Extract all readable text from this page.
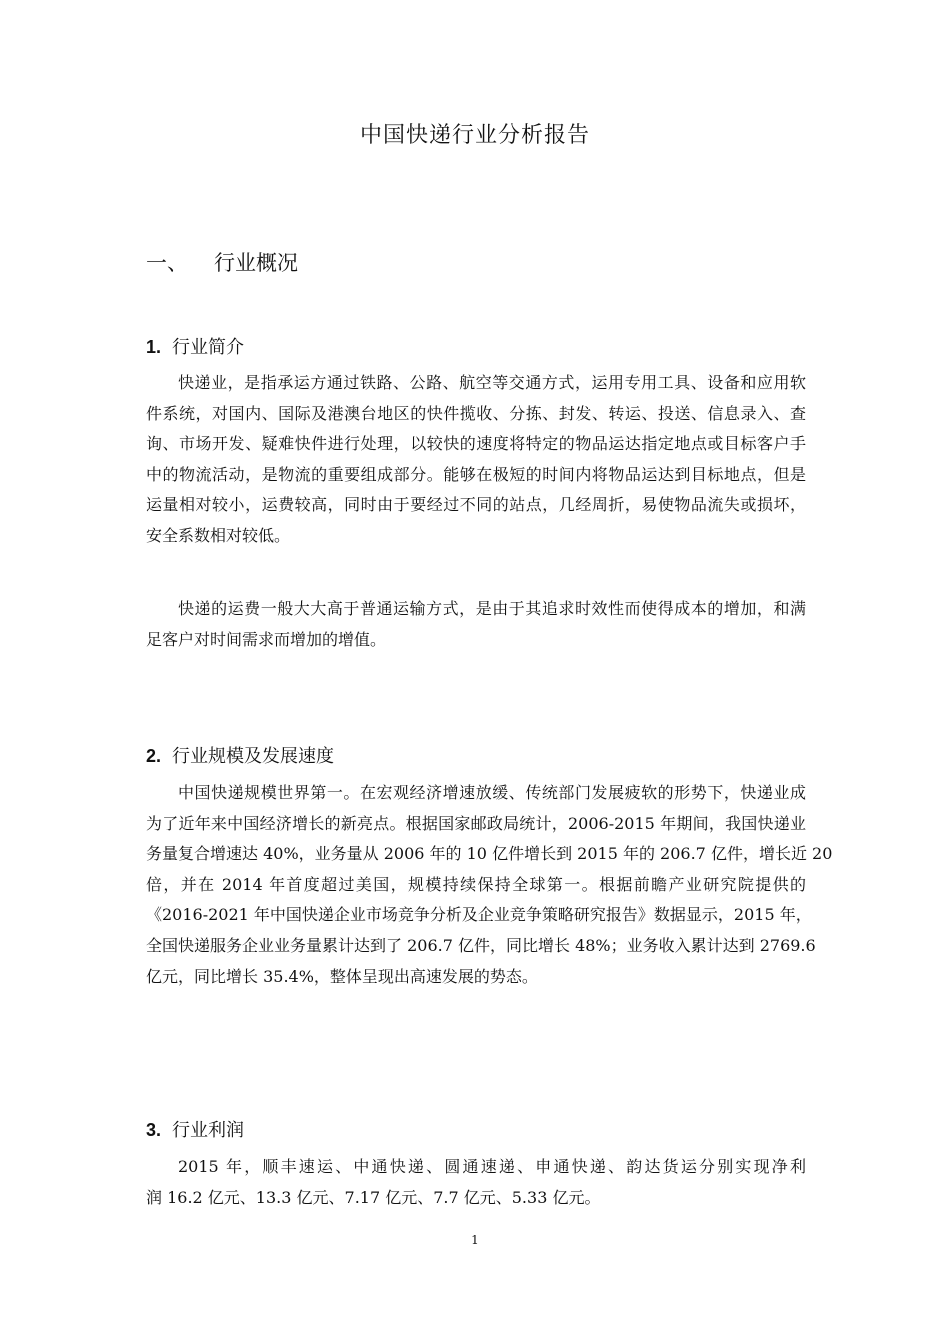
中国快递行业分析报告
一、 行业概况
1. 行业简介
快递业，是指承运方通过铁路、公路、航空等交通方式，运用专用工具、设备和应用软
件系统，对国内、国际及港澳台地区的快件揽收、分拣、封发、转运、投送、信息录入、查
询、市场开发、疑难快件进行处理，以较快的速度将特定的物品运达指定地点或目标客户手
中的物流活动，是物流的重要组成部分。能够在极短的时间内将物品运达到目标地点，但是
运量相对较小，运费较高，同时由于要经过不同的站点，几经周折，易使物品流失或损坏，
安全系数相对较低。
快递的运费一般大大高于普通运输方式，是由于其追求时效性而使得成本的增加，和满
足客户对时间需求而增加的增值。
2. 行业规模及发展速度
中国快递规模世界第一。在宏观经济增速放缓、传统部门发展疲软的形势下，快递业成
为了近年来中国经济增长的新亮点。根据国家邮政局统计，2006-2015 年期间，我国快递业
务量复合增速达 40%，业务量从 2006 年的 10 亿件增长到 2015 年的 206.7 亿件，增长近 20
倍，并在 2014 年首度超过美国，规模持续保持全球第一。根据前瞻产业研究院提供的
《2016-2021 年中国快递企业市场竞争分析及企业竞争策略研究报告》数据显示，2015 年，
全国快递服务企业业务量累计达到了 206.7 亿件，同比增长 48%；业务收入累计达到 2769.6
亿元，同比增长 35.4%，整体呈现出高速发展的势态。
3. 行业利润
2015 年，顺丰速运、中通快递、圆通速递、申通快递、韵达货运分别实现净利
润 16.2 亿元、13.3 亿元、7.17 亿元、7.7 亿元、5.33 亿元。
1
